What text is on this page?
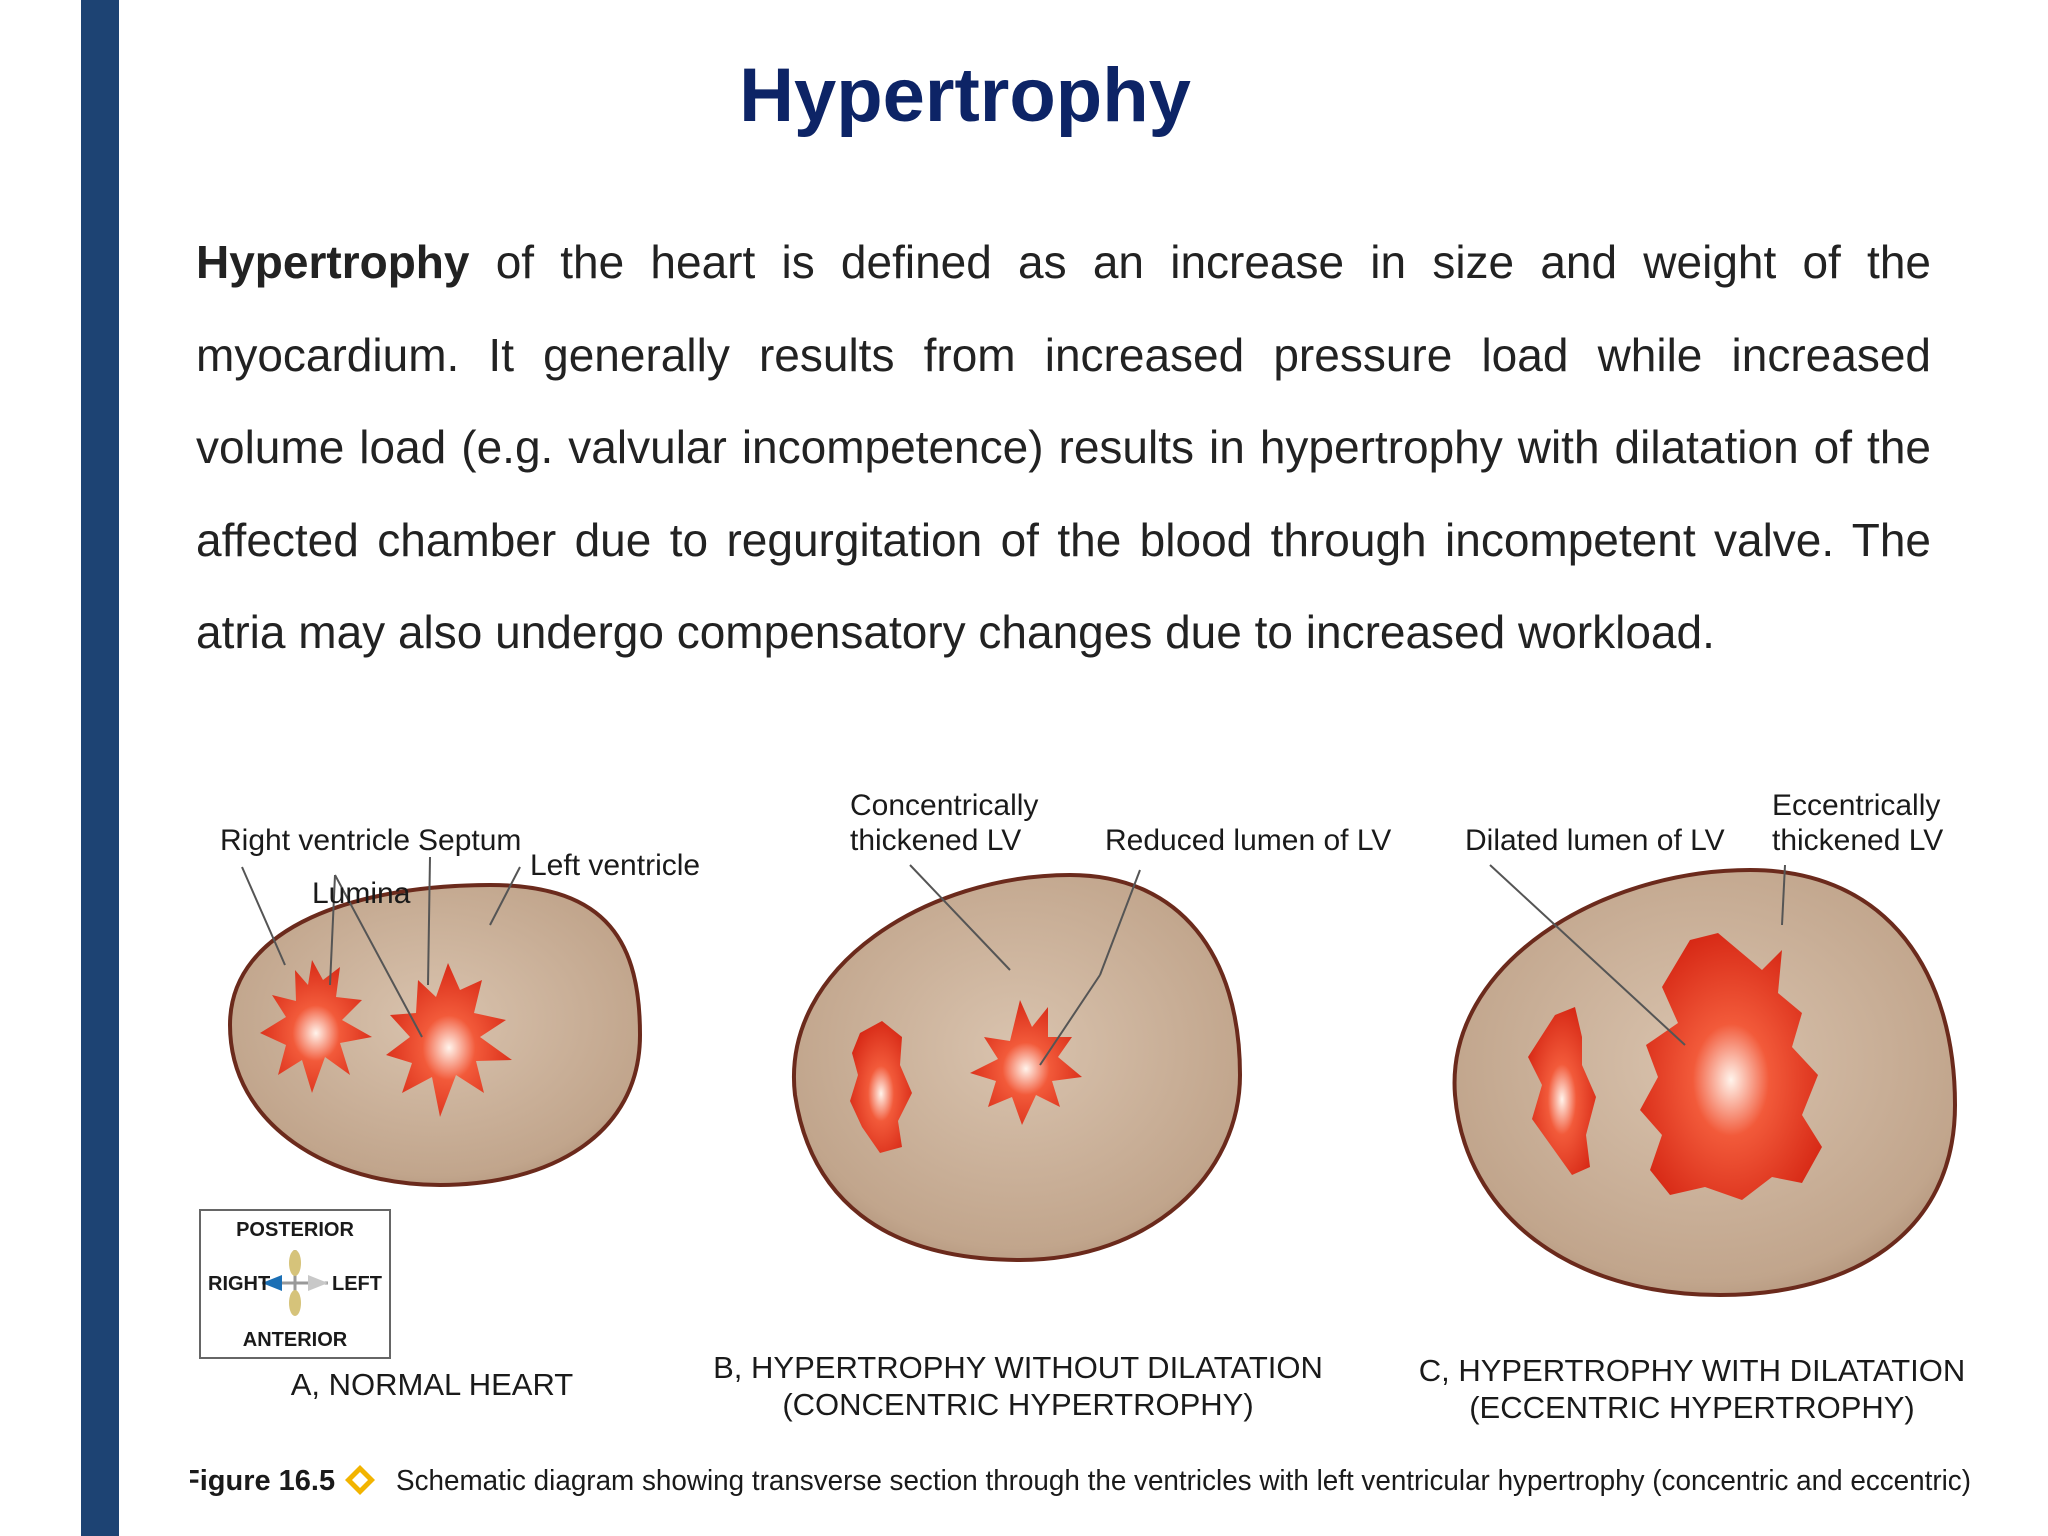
Hypertrophy
Hypertrophy of the heart is defined as an increase in size and weight of the myocardium. It generally results from increased pressure load while increased volume load (e.g. valvular incompetence) results in hypertrophy with dilatation of the affected chamber due to regurgitation of the blood through incompetent valve. The atria may also undergo compensatory changes due to increased workload.
Right ventricle Septum
Left ventricle
Lumina
POSTERIOR
ANTERIOR
RIGHT	LEFT
A, NORMAL HEART
Concentrically
thickened LV	Reduced lumen of LV
B, HYPERTROPHY WITHOUT DILATATION
(CONCENTRIC HYPERTROPHY)
Dilated lumen of LV
Eccentrically
thickened LV
C, HYPERTROPHY WITH DILATATION
(ECCENTRIC HYPERTROPHY)
Figure 16.5 Schematic diagram showing transverse section through the ventricles with left ventricular hypertrophy (concentric and eccentric)
